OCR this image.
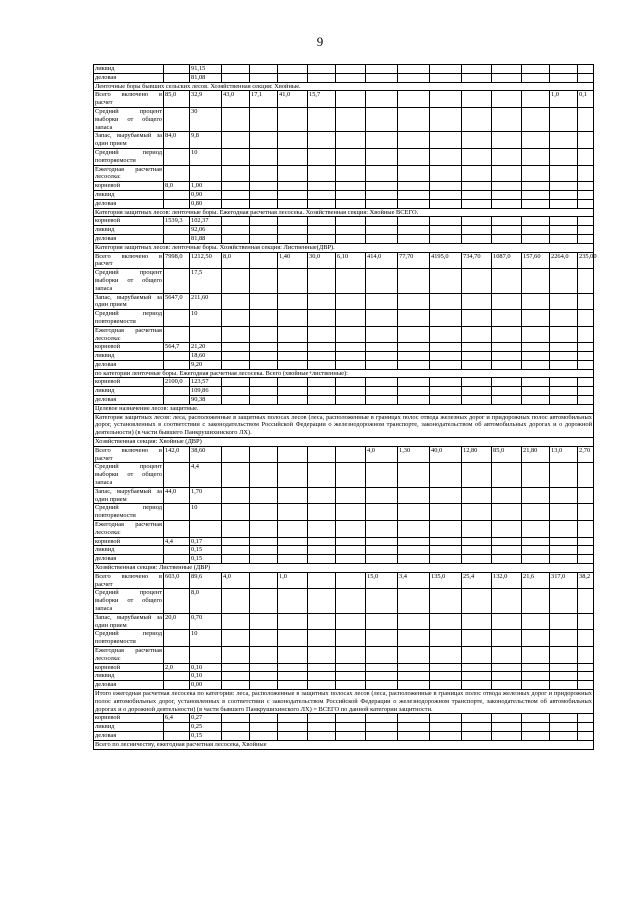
9
ликвид		91,15													
деловая		81,08													
Ленточные боры бывших сельских лесов. Хозяйственная секция: Хвойные.															
Всего включено в расчет	85,0	32,9	43,0	17,1	41,0	15,7								1,0	0,1
Средний процент выборки от общего запаса		30													
Запас, вырубаемый за один прием	84,0	9,8													
Средний период повторяемости		10													
Ежегодная расчетная лесосека:															
корневой	8,0	1,00													
ликвид		0,90													
деловая		0,80													
Категория защитных лесов: ленточные боры. Ежегодная расчетная лесосека. Хозяйственная секция: Хвойные ВСЕГО.															
корневой	1539,3	102,37													
ликвид		92,06													
деловая		81,88													
Категория защитных лесов: ленточные боры. Хозяйственная секция: Лиственные(ДВР).															
Всего включено в расчет	7998,0	1212,50	8,0		1,40	30,0	6,10	414,0	77,70	4195,0	734,70	1087,0	157,60	2264,0	235,00
Средний процент выборки от общего запаса		17,5													
Запас, вырубаемый за один прием	5647,0	211,60													
Средний период повторяемости		10													
Ежегодная расчетная лесосека:															
корневой	564,7	21,20													
ликвид		18,60													
деловая		9,20													
по категории ленточные боры. Ежегодная расчетная лесосека. Всего (хвойные+лиственные):															
корневой	2100,0	123,57													
ликвид		109,86													
деловая		90,38													
Целевое назначение лесов: защитные.															
Категория защитных лесов: леса, расположенные в защитных полосах лесов (леса, расположенные в границах полос отвода железных дорог и придорожных полос автомобильных дорог, установленных в соответствии с законодательством Российской Федерации о железнодорожном транспорте, законодательством об автомобильных дорогах и о дорожной деятельности) (в части бывшего Панкрушихинского ЛХ).															
Хозяйственная секция: Хвойные (ДВР)															
Всего включено в расчет	142,0	38,60						4,0	1,30	40,0	12,80	85,0	21,80	13,0	2,70
Средний процент выборки от общего запаса		4,4													
Запас, вырубаемый за один прием	44,0	1,70													
Средний период повторяемости		10													
Ежегодная расчетная лесосека:															
корневой	4,4	0,17													
ликвид		0,15													
деловая		0,15													
Хозяйственная секция: Лиственные (ДВР)															
Всего включено в расчет	603,0	89,6	4,0		1,0			15,0	3,4	135,0	25,4	132,0	21,6	317,0	38,2
Средний процент выборки от общего запаса		8,0													
Запас, вырубаемый за один прием	20,0	0,70													
Средний период повторяемости		10													
Ежегодная расчетная лесосека:															
корневой	2,0	0,10													
ликвид		0,10													
деловая		0,00													
Итого ежегодная расчетная лесосека по категории: леса, расположенные в защитных полосах лесов (леса, расположенные в границах полос отвода железных дорог и придорожных полос автомобильных дорог, установленных в соответствии с законодательством Российской Федерации о железнодорожном транспорте, законодательством об автомобильных дорогах и о дорожной деятельности) (в части бывшего Панкрушихинского ЛХ) = ВСЕГО по данной категории защитности.															
корневой	6,4	0,27													
ликвид		0,25													
деловая		0,15													
Всего по лесничеству, ежегодная расчетная лесосека, Хвойные															
